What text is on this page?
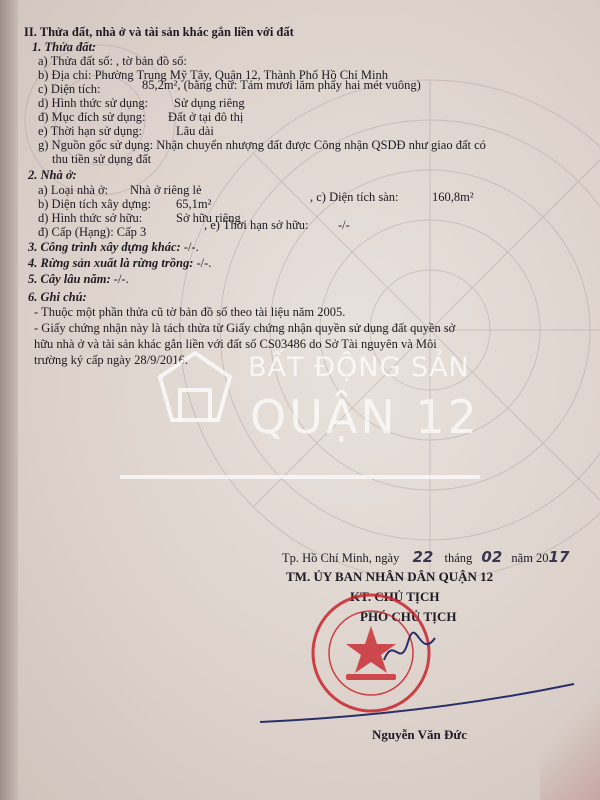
II. Thửa đất, nhà ở và tài sản khác gắn liền với đất
1. Thửa đất:
a) Thửa đất số: , tờ bản đồ số:
b) Địa chỉ: Phường Trung Mỹ Tây, Quận 12, Thành Phố Hồ Chí Minh
c) Diện tích:	85,2m², (bằng chữ: Tám mươi lăm phẩy hai mét vuông)
d) Hình thức sử dụng: Sử dụng riêng
đ) Mục đích sử dụng: Đất ở tại đô thị
e) Thời hạn sử dụng:	Lâu dài
g) Nguồn gốc sử dụng: Nhận chuyển nhượng đất được Công nhận QSDĐ như giao đất có
thu tiền sử dụng đất
2. Nhà ở:
a) Loại nhà ở: Nhà ở riêng lẻ
b) Diện tích xây dựng: 65,1m²	, c) Diện tích sàn:	160,8m²
d) Hình thức sở hữu:	Sở hữu riêng
đ) Cấp (Hạng): Cấp 3	, e) Thời hạn sở hữu: -/-
3. Công trình xây dựng khác: -/-.
4. Rừng sản xuất là rừng trồng: -/-.
5. Cây lâu năm: -/-.
6. Ghi chú:
- Thuộc một phần thửa cũ tờ bản đồ số theo tài liệu năm 2005.
- Giấy chứng nhận này là tách thửa từ Giấy chứng nhận quyền sử dụng đất quyền sở
hữu nhà ở và tài sản khác gắn liền với đất số CS03486 do Sở Tài nguyên và Môi
trường ký cấp ngày 28/9/2016.
Tp. Hồ Chí Minh, ngày 22 tháng 02 năm 2017
TM. ỦY BAN NHÂN DÂN QUẬN 12
KT. CHỦ TỊCH
PHÓ CHỦ TỊCH
Nguyễn Văn Đức
BẤT ĐỘNG SẢN
QUẬN 12
